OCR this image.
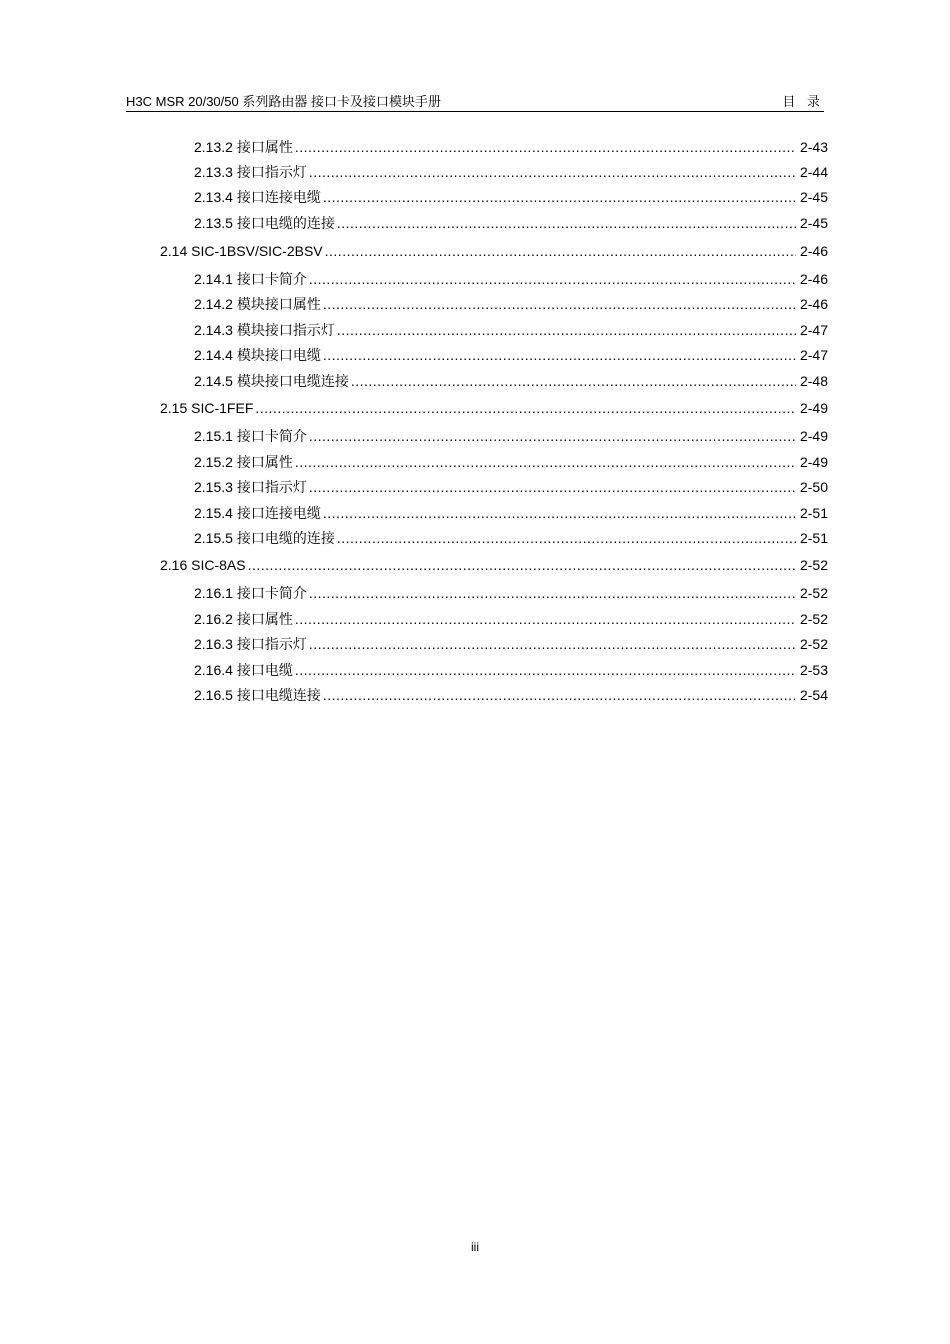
H3C MSR 20/30/50 系列路由器 接口卡及接口模块手册	目 录
2.13.2 接口属性 .....	2-43
2.13.3 接口指示灯 .....	2-44
2.13.4 接口连接电缆 .....	2-45
2.13.5 接口电缆的连接 .....	2-45
2.14 SIC-1BSV/SIC-2BSV .....	2-46
2.14.1 接口卡简介 .....	2-46
2.14.2 模块接口属性 .....	2-46
2.14.3 模块接口指示灯 .....	2-47
2.14.4 模块接口电缆 .....	2-47
2.14.5 模块接口电缆连接 .....	2-48
2.15 SIC-1FEF .....	2-49
2.15.1 接口卡简介 .....	2-49
2.15.2 接口属性 .....	2-49
2.15.3 接口指示灯 .....	2-50
2.15.4 接口连接电缆 .....	2-51
2.15.5 接口电缆的连接 .....	2-51
2.16 SIC-8AS .....	2-52
2.16.1 接口卡简介 .....	2-52
2.16.2 接口属性 .....	2-52
2.16.3 接口指示灯 .....	2-52
2.16.4 接口电缆 .....	2-53
2.16.5 接口电缆连接 .....	2-54
iii
